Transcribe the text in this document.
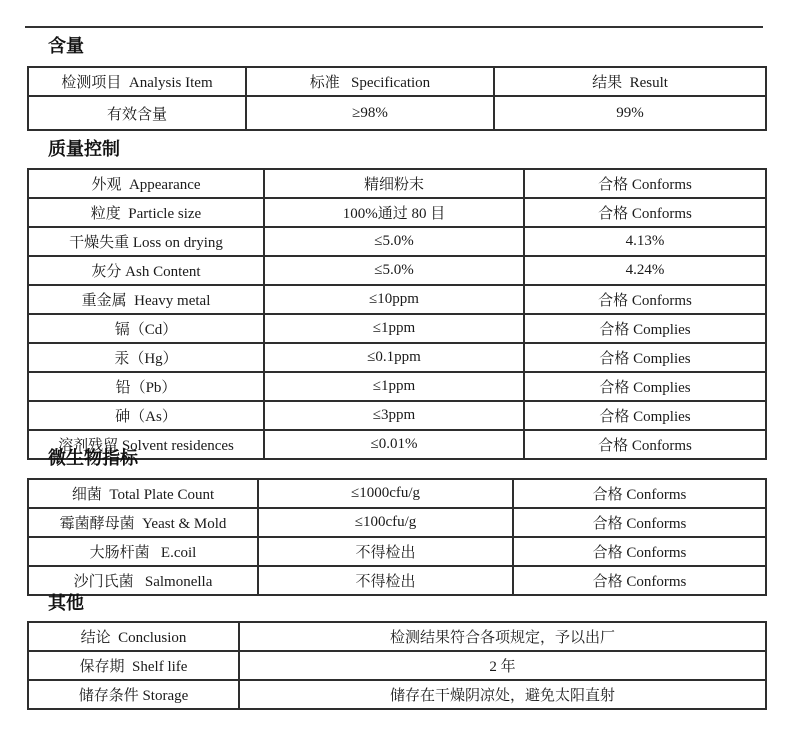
含量
检测项目  Analysis Item	标准   Specification	结果  Result
有效含量	≥98%	99%
质量控制
外观  Appearance	精细粉末	合格 Conforms
粒度  Particle size	100%通过 80 目	合格 Conforms
干燥失重 Loss on drying	≤5.0%	4.13%
灰分 Ash Content	≤5.0%	4.24%
重金属  Heavy metal	≤10ppm	合格 Conforms
镉（Cd）	≤1ppm	合格 Complies
汞（Hg）	≤0.1ppm	合格 Complies
铅（Pb）	≤1ppm	合格 Complies
砷（As）	≤3ppm	合格 Complies
溶剂残留 Solvent residences	≤0.01%	合格 Conforms
微生物指标
细菌  Total Plate Count	≤1000cfu/g	合格 Conforms
霉菌酵母菌  Yeast & Mold	≤100cfu/g	合格 Conforms
大肠杆菌   E.coil	不得检出	合格 Conforms
沙门氏菌   Salmonella	不得检出	合格 Conforms
其他
结论  Conclusion	检测结果符合各项规定，予以出厂
保存期  Shelf life	2 年
储存条件 Storage	储存在干燥阴凉处，避免太阳直射
